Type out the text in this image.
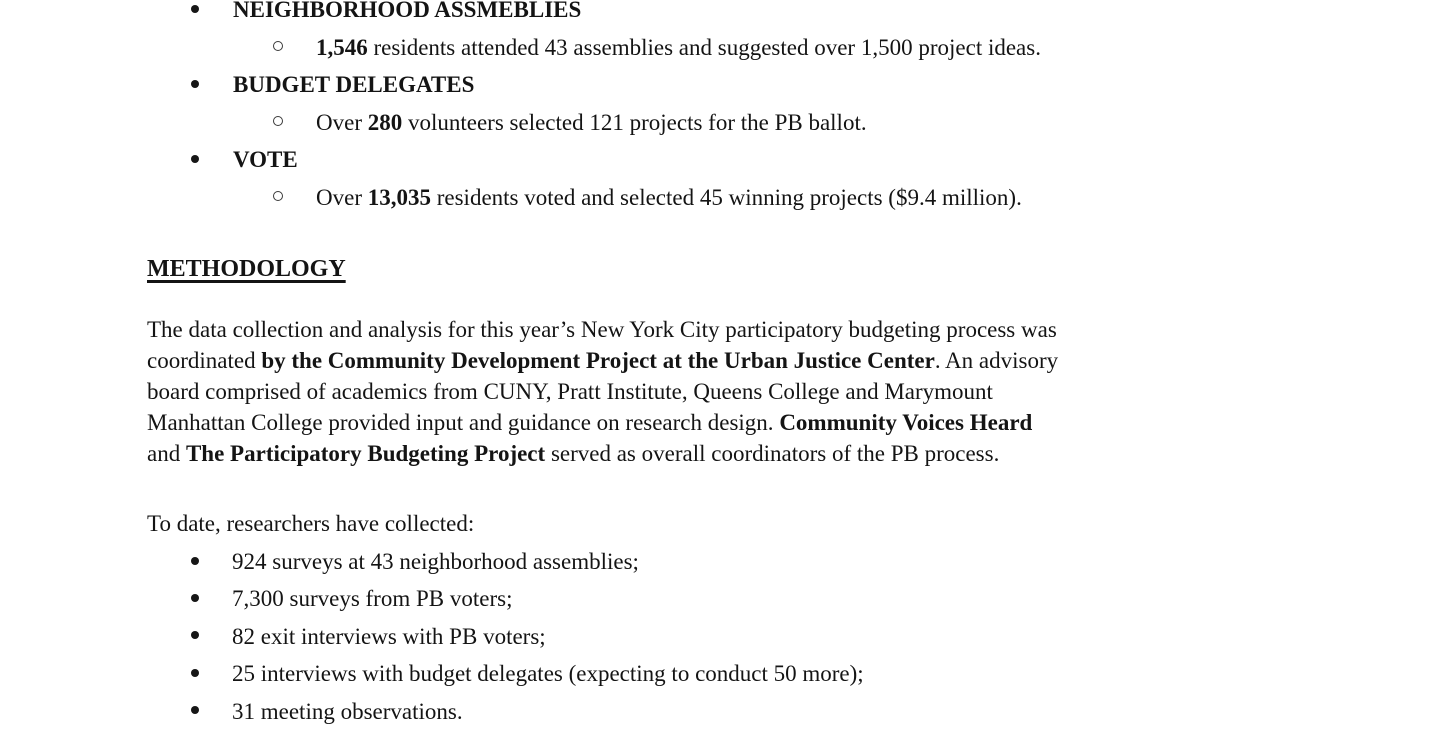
NEIGHBORHOOD ASSMEBLIES
1,546 residents attended 43 assemblies and suggested over 1,500 project ideas.
BUDGET DELEGATES
Over 280 volunteers selected 121 projects for the PB ballot.
VOTE
Over 13,035 residents voted and selected 45 winning projects ($9.4 million).
METHODOLOGY
The data collection and analysis for this year’s New York City participatory budgeting process was
coordinated by the Community Development Project at the Urban Justice Center. An advisory
board comprised of academics from CUNY, Pratt Institute, Queens College and Marymount
Manhattan College provided input and guidance on research design. Community Voices Heard
and The Participatory Budgeting Project served as overall coordinators of the PB process.
To date, researchers have collected:
924 surveys at 43 neighborhood assemblies;
7,300 surveys from PB voters;
82 exit interviews with PB voters;
25 interviews with budget delegates (expecting to conduct 50 more);
31 meeting observations.
